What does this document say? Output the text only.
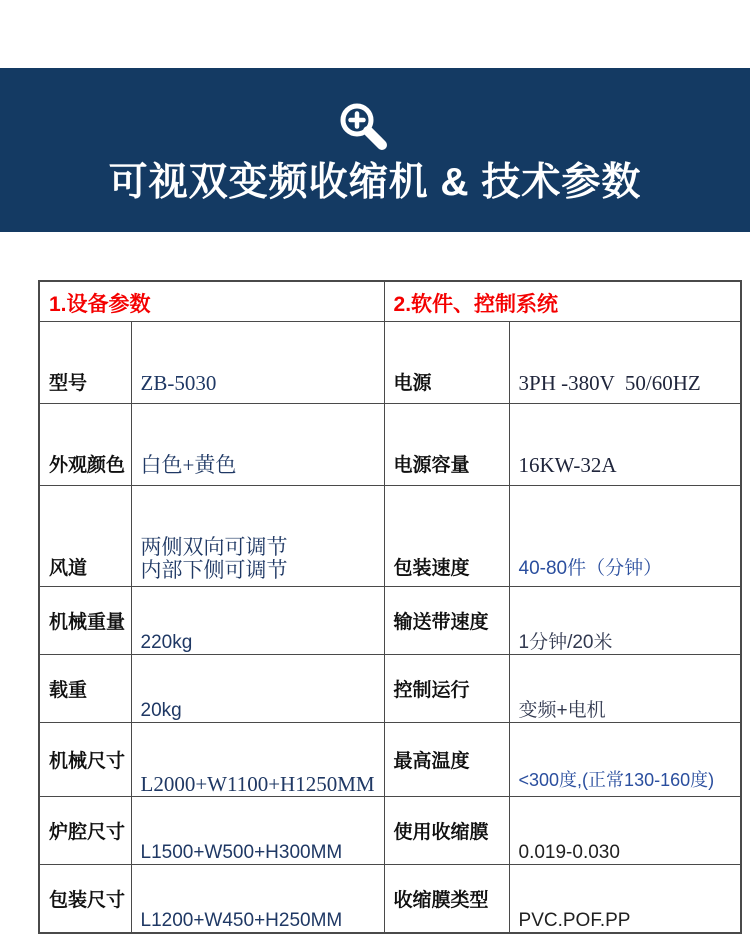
可视双变频收缩机 & 技术参数
1.设备参数		2.软件、控制系统	
型号	ZB-5030	电源	3PH -380V  50/60HZ

外观颜色	白色+黄色	电源容量	16KW-32A

风道	两侧双向可调节
内部下侧可调节	包装速度	40-80件（分钟）

机械重量	220kg	输送带速度	1分钟/20米

载重	20kg	控制运行	变频+电机

机械尺寸	L2000+W1100+H1250MM	最高温度	<300度,(正常130-160度)

炉腔尺寸	L1500+W500+H300MM	使用收缩膜	0.019-0.030

包装尺寸	L1200+W450+H250MM	收缩膜类型	PVC.POF.PP
